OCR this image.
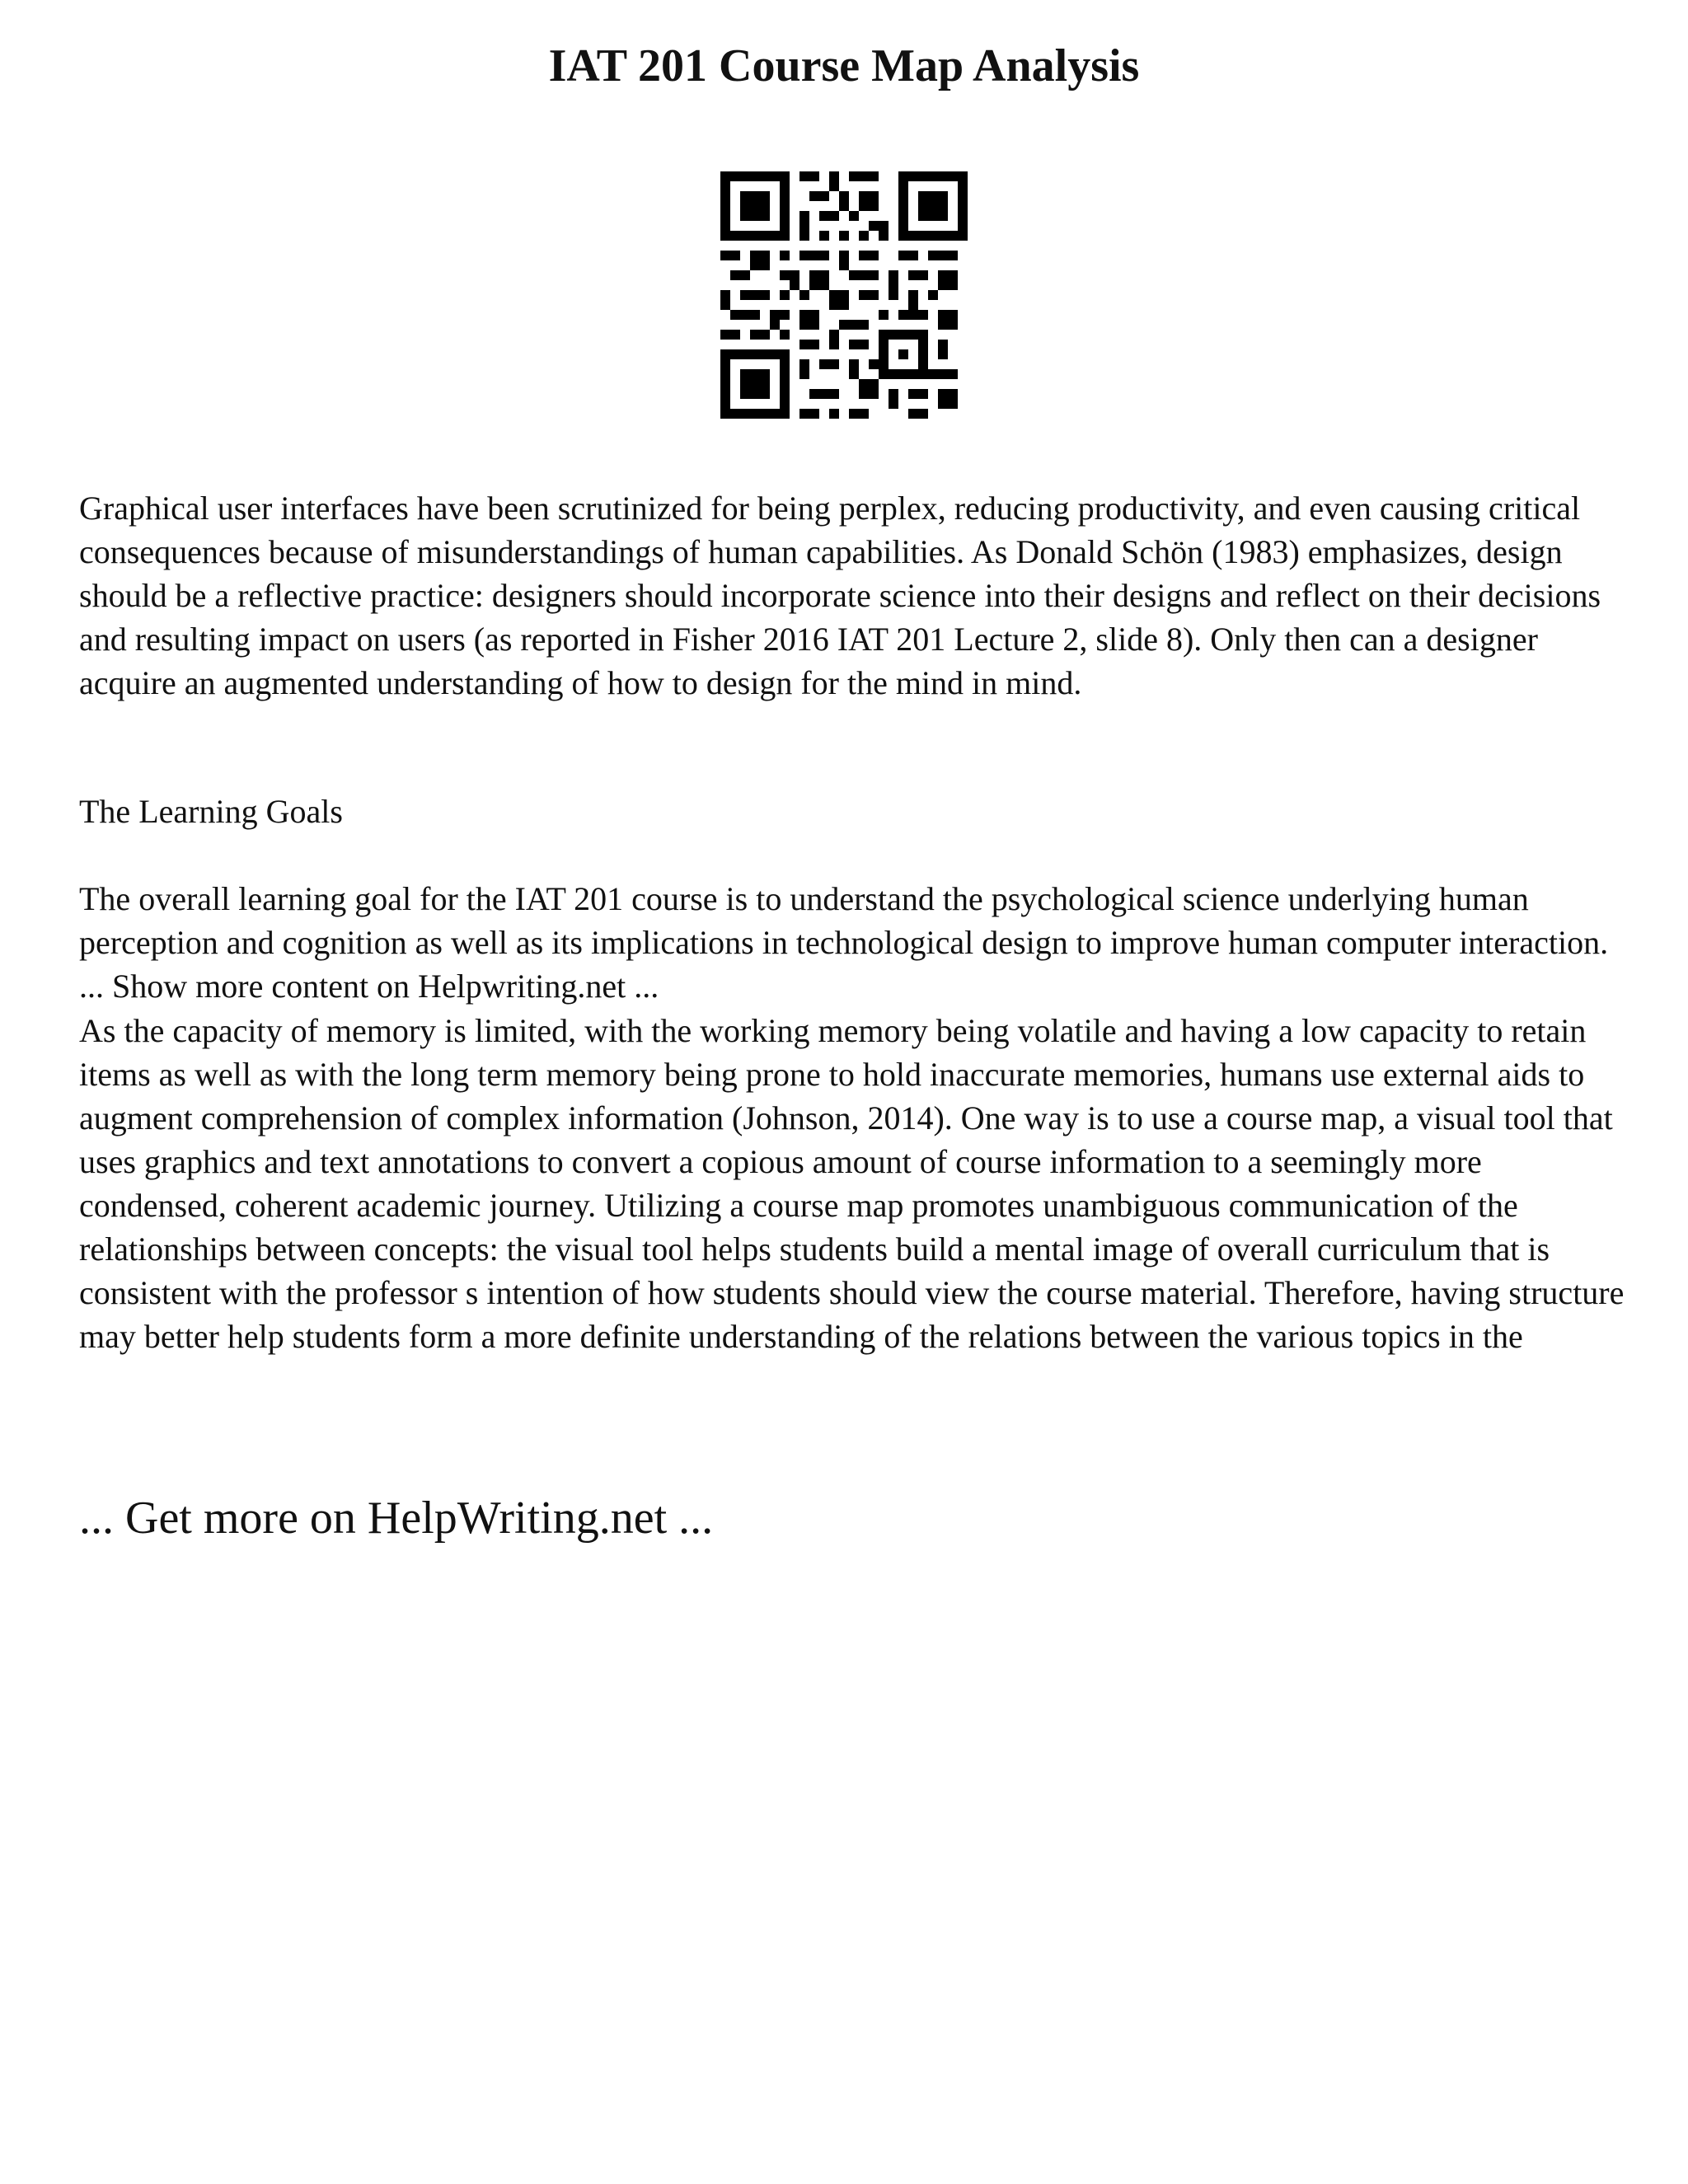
IAT 201 Course Map Analysis

Graphical user interfaces have been scrutinized for being perplex, reducing productivity, and even causing critical consequences because of misunderstandings of human capabilities. As Donald Schön (1983) emphasizes, design should be a reflective practice: designers should incorporate science into their designs and reflect on their decisions and resulting impact on users (as reported in Fisher 2016 IAT 201 Lecture 2, slide 8). Only then can a designer acquire an augmented understanding of how to design for the mind in mind.

The Learning Goals

The overall learning goal for the IAT 201 course is to understand the psychological science underlying human perception and cognition as well as its implications in technological design to improve human computer interaction. ... Show more content on Helpwriting.net ...

As the capacity of memory is limited, with the working memory being volatile and having a low capacity to retain items as well as with the long term memory being prone to hold inaccurate memories, humans use external aids to augment comprehension of complex information (Johnson, 2014). One way is to use a course map, a visual tool that uses graphics and text annotations to convert a copious amount of course information to a seemingly more condensed, coherent academic journey. Utilizing a course map promotes unambiguous communication of the relationships between concepts: the visual tool helps students build a mental image of overall curriculum that is consistent with the professor s intention of how students should view the course material. Therefore, having structure may better help students form a more definite understanding of the relations between the various topics in the

... Get more on HelpWriting.net ...
